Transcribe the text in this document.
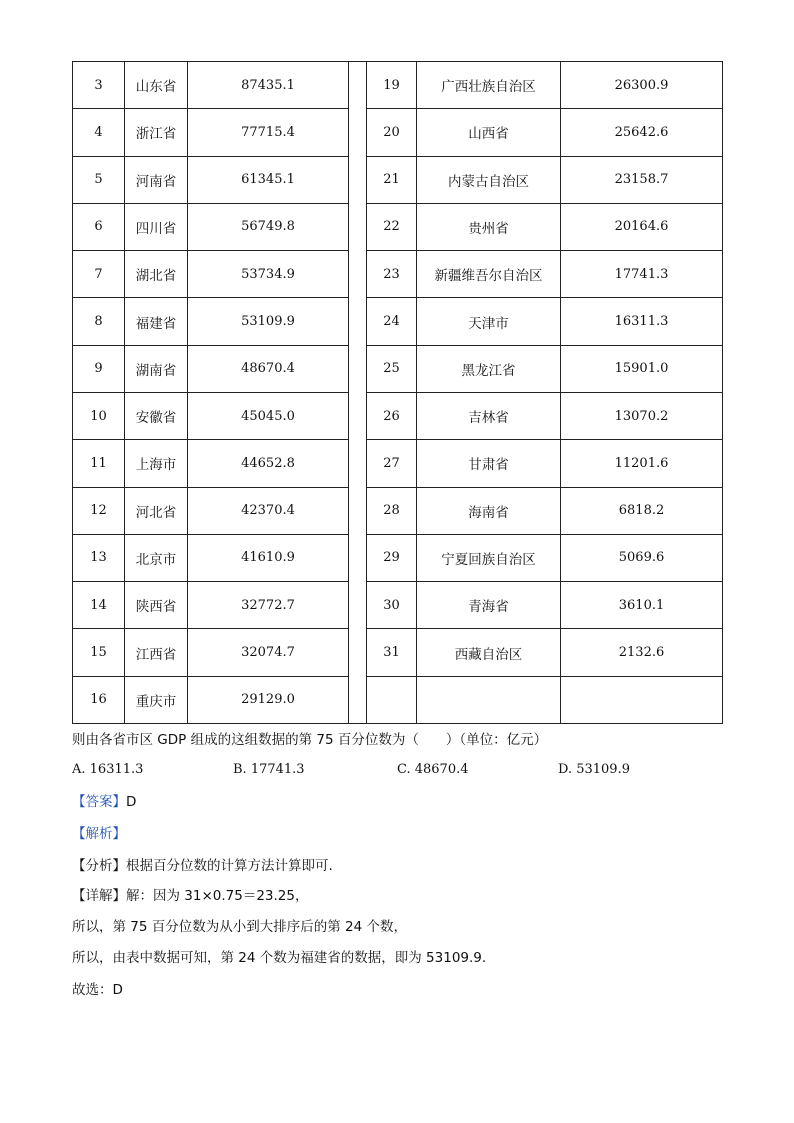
3	山东省	87435.1		19	广西壮族自治区	26300.9
4	浙江省	77715.4		20	山西省	25642.6
5	河南省	61345.1		21	内蒙古自治区	23158.7
6	四川省	56749.8		22	贵州省	20164.6
7	湖北省	53734.9		23	新疆维吾尔自治区	17741.3
8	福建省	53109.9		24	天津市	16311.3
9	湖南省	48670.4		25	黑龙江省	15901.0
10	安徽省	45045.0		26	吉林省	13070.2
11	上海市	44652.8		27	甘肃省	11201.6
12	河北省	42370.4		28	海南省	6818.2
13	北京市	41610.9		29	宁夏回族自治区	5069.6
14	陕西省	32772.7		30	青海省	3610.1
15	江西省	32074.7		31	西藏自治区	2132.6
16	重庆市	29129.0				
则由各省市区 GDP 组成的这组数据的第 75 百分位数为（　　）（单位：亿元）
A. 16311.3	B. 17741.3	C. 48670.4	D. 53109.9
【答案】D
【解析】
【分析】根据百分位数的计算方法计算即可.
【详解】解：因为 31×0.75＝23.25，
所以，第 75 百分位数为从小到大排序后的第 24 个数，
所以，由表中数据可知，第 24 个数为福建省的数据，即为 53109.9.
故选：D
